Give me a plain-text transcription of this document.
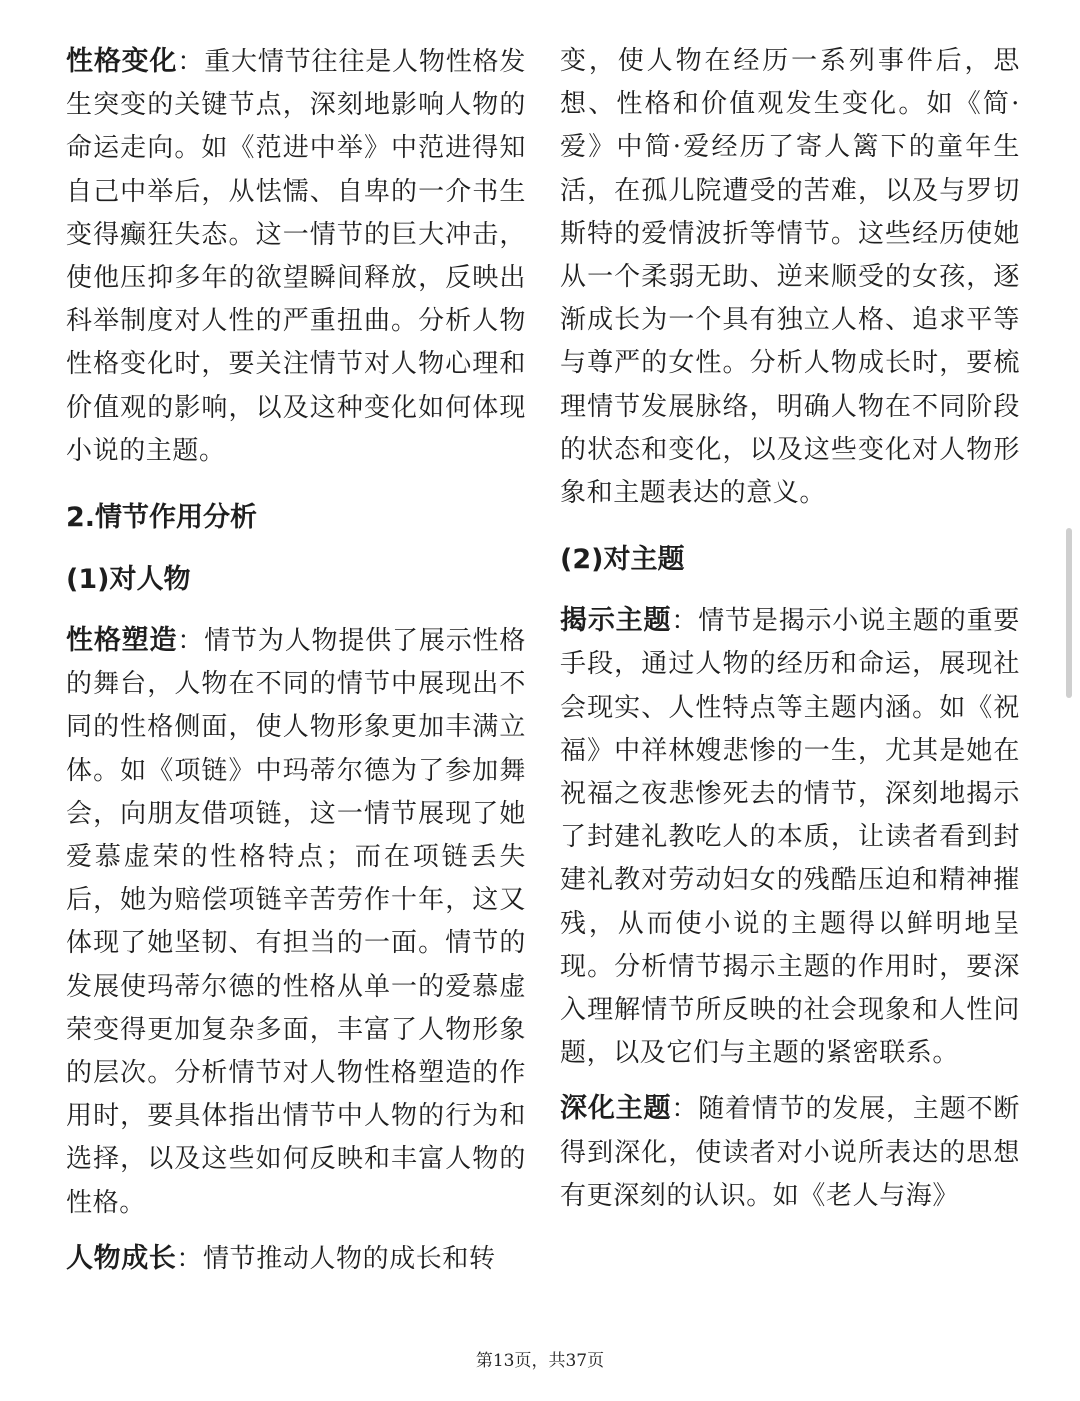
性格变化：重大情节往往是人物性格发生突变的关键节点，深刻地影响人物的命运走向。如《范进中举》中范进得知自己中举后，从怯懦、自卑的一介书生变得癫狂失态。这一情节的巨大冲击，使他压抑多年的欲望瞬间释放，反映出科举制度对人性的严重扭曲。分析人物性格变化时，要关注情节对人物心理和价值观的影响，以及这种变化如何体现小说的主题。

2.情节作用分析
(1)对人物

性格塑造：情节为人物提供了展示性格的舞台，人物在不同的情节中展现出不同的性格侧面，使人物形象更加丰满立体。如《项链》中玛蒂尔德为了参加舞会，向朋友借项链，这一情节展现了她爱慕虚荣的性格特点；而在项链丢失后，她为赔偿项链辛苦劳作十年，这又体现了她坚韧、有担当的一面。情节的发展使玛蒂尔德的性格从单一的爱慕虚荣变得更加复杂多面，丰富了人物形象的层次。分析情节对人物性格塑造的作用时，要具体指出情节中人物的行为和选择，以及这些如何反映和丰富人物的性格。

人物成长：情节推动人物的成长和转

变，使人物在经历一系列事件后，思想、性格和价值观发生变化。如《简·爱》中简·爱经历了寄人篱下的童年生活，在孤儿院遭受的苦难，以及与罗切斯特的爱情波折等情节。这些经历使她从一个柔弱无助、逆来顺受的女孩，逐渐成长为一个具有独立人格、追求平等与尊严的女性。分析人物成长时，要梳理情节发展脉络，明确人物在不同阶段的状态和变化，以及这些变化对人物形象和主题表达的意义。

(2)对主题

揭示主题：情节是揭示小说主题的重要手段，通过人物的经历和命运，展现社会现实、人性特点等主题内涵。如《祝福》中祥林嫂悲惨的一生，尤其是她在祝福之夜悲惨死去的情节，深刻地揭示了封建礼教吃人的本质，让读者看到封建礼教对劳动妇女的残酷压迫和精神摧残，从而使小说的主题得以鲜明地呈现。分析情节揭示主题的作用时，要深入理解情节所反映的社会现象和人性问题，以及它们与主题的紧密联系。

深化主题：随着情节的发展，主题不断得到深化，使读者对小说所表达的思想有更深刻的认识。如《老人与海》

第13页，共37页
